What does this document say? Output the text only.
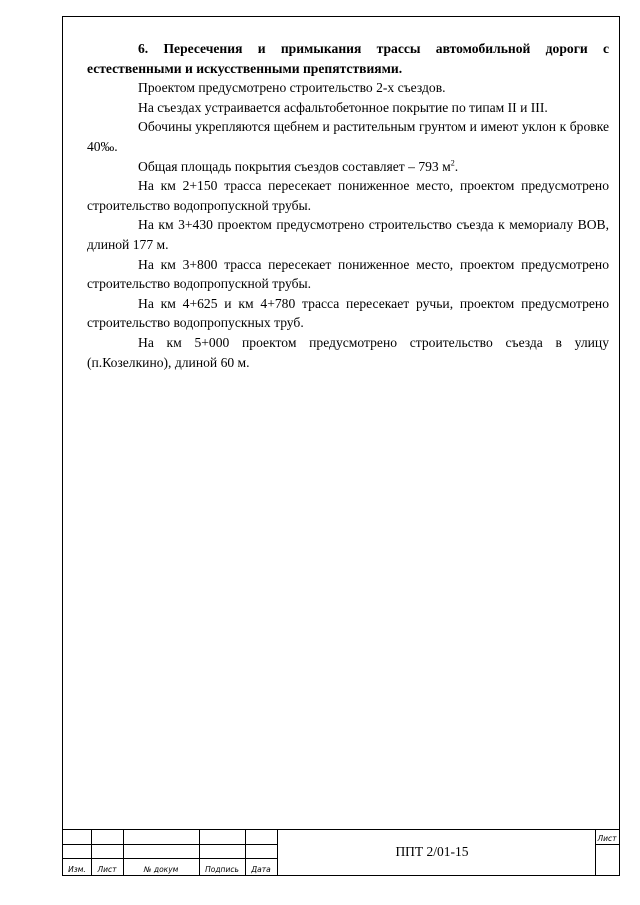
6. Пересечения и примыкания трассы автомобильной дороги с естественными и искусственными препятствиями.

Проектом предусмотрено строительство 2-х съездов.

На съездах устраивается асфальтобетонное покрытие по типам II и III.

Обочины укрепляются щебнем и растительным грунтом и имеют уклон к бровке 40‰.

Общая площадь покрытия съездов составляет – 793 $м^2$.

На км 2+150 трасса пересекает пониженное место, проектом предусмотрено строительство водопропускной трубы.

На км 3+430 проектом предусмотрено строительство съезда к мемориалу ВОВ, длиной 177 м.

На км 3+800 трасса пересекает пониженное место, проектом предусмотрено строительство водопропускной трубы.

На км 4+625 и км 4+780 трасса пересекает ручьи, проектом предусмотрено строительство водопропускных труб.

На км 5+000 проектом предусмотрено строительство съезда в улицу (п.Козелкино), длиной 60 м.

Изм.	Лист	№ докум	Подпись	Дата
ППТ 2/01-15
Лист
